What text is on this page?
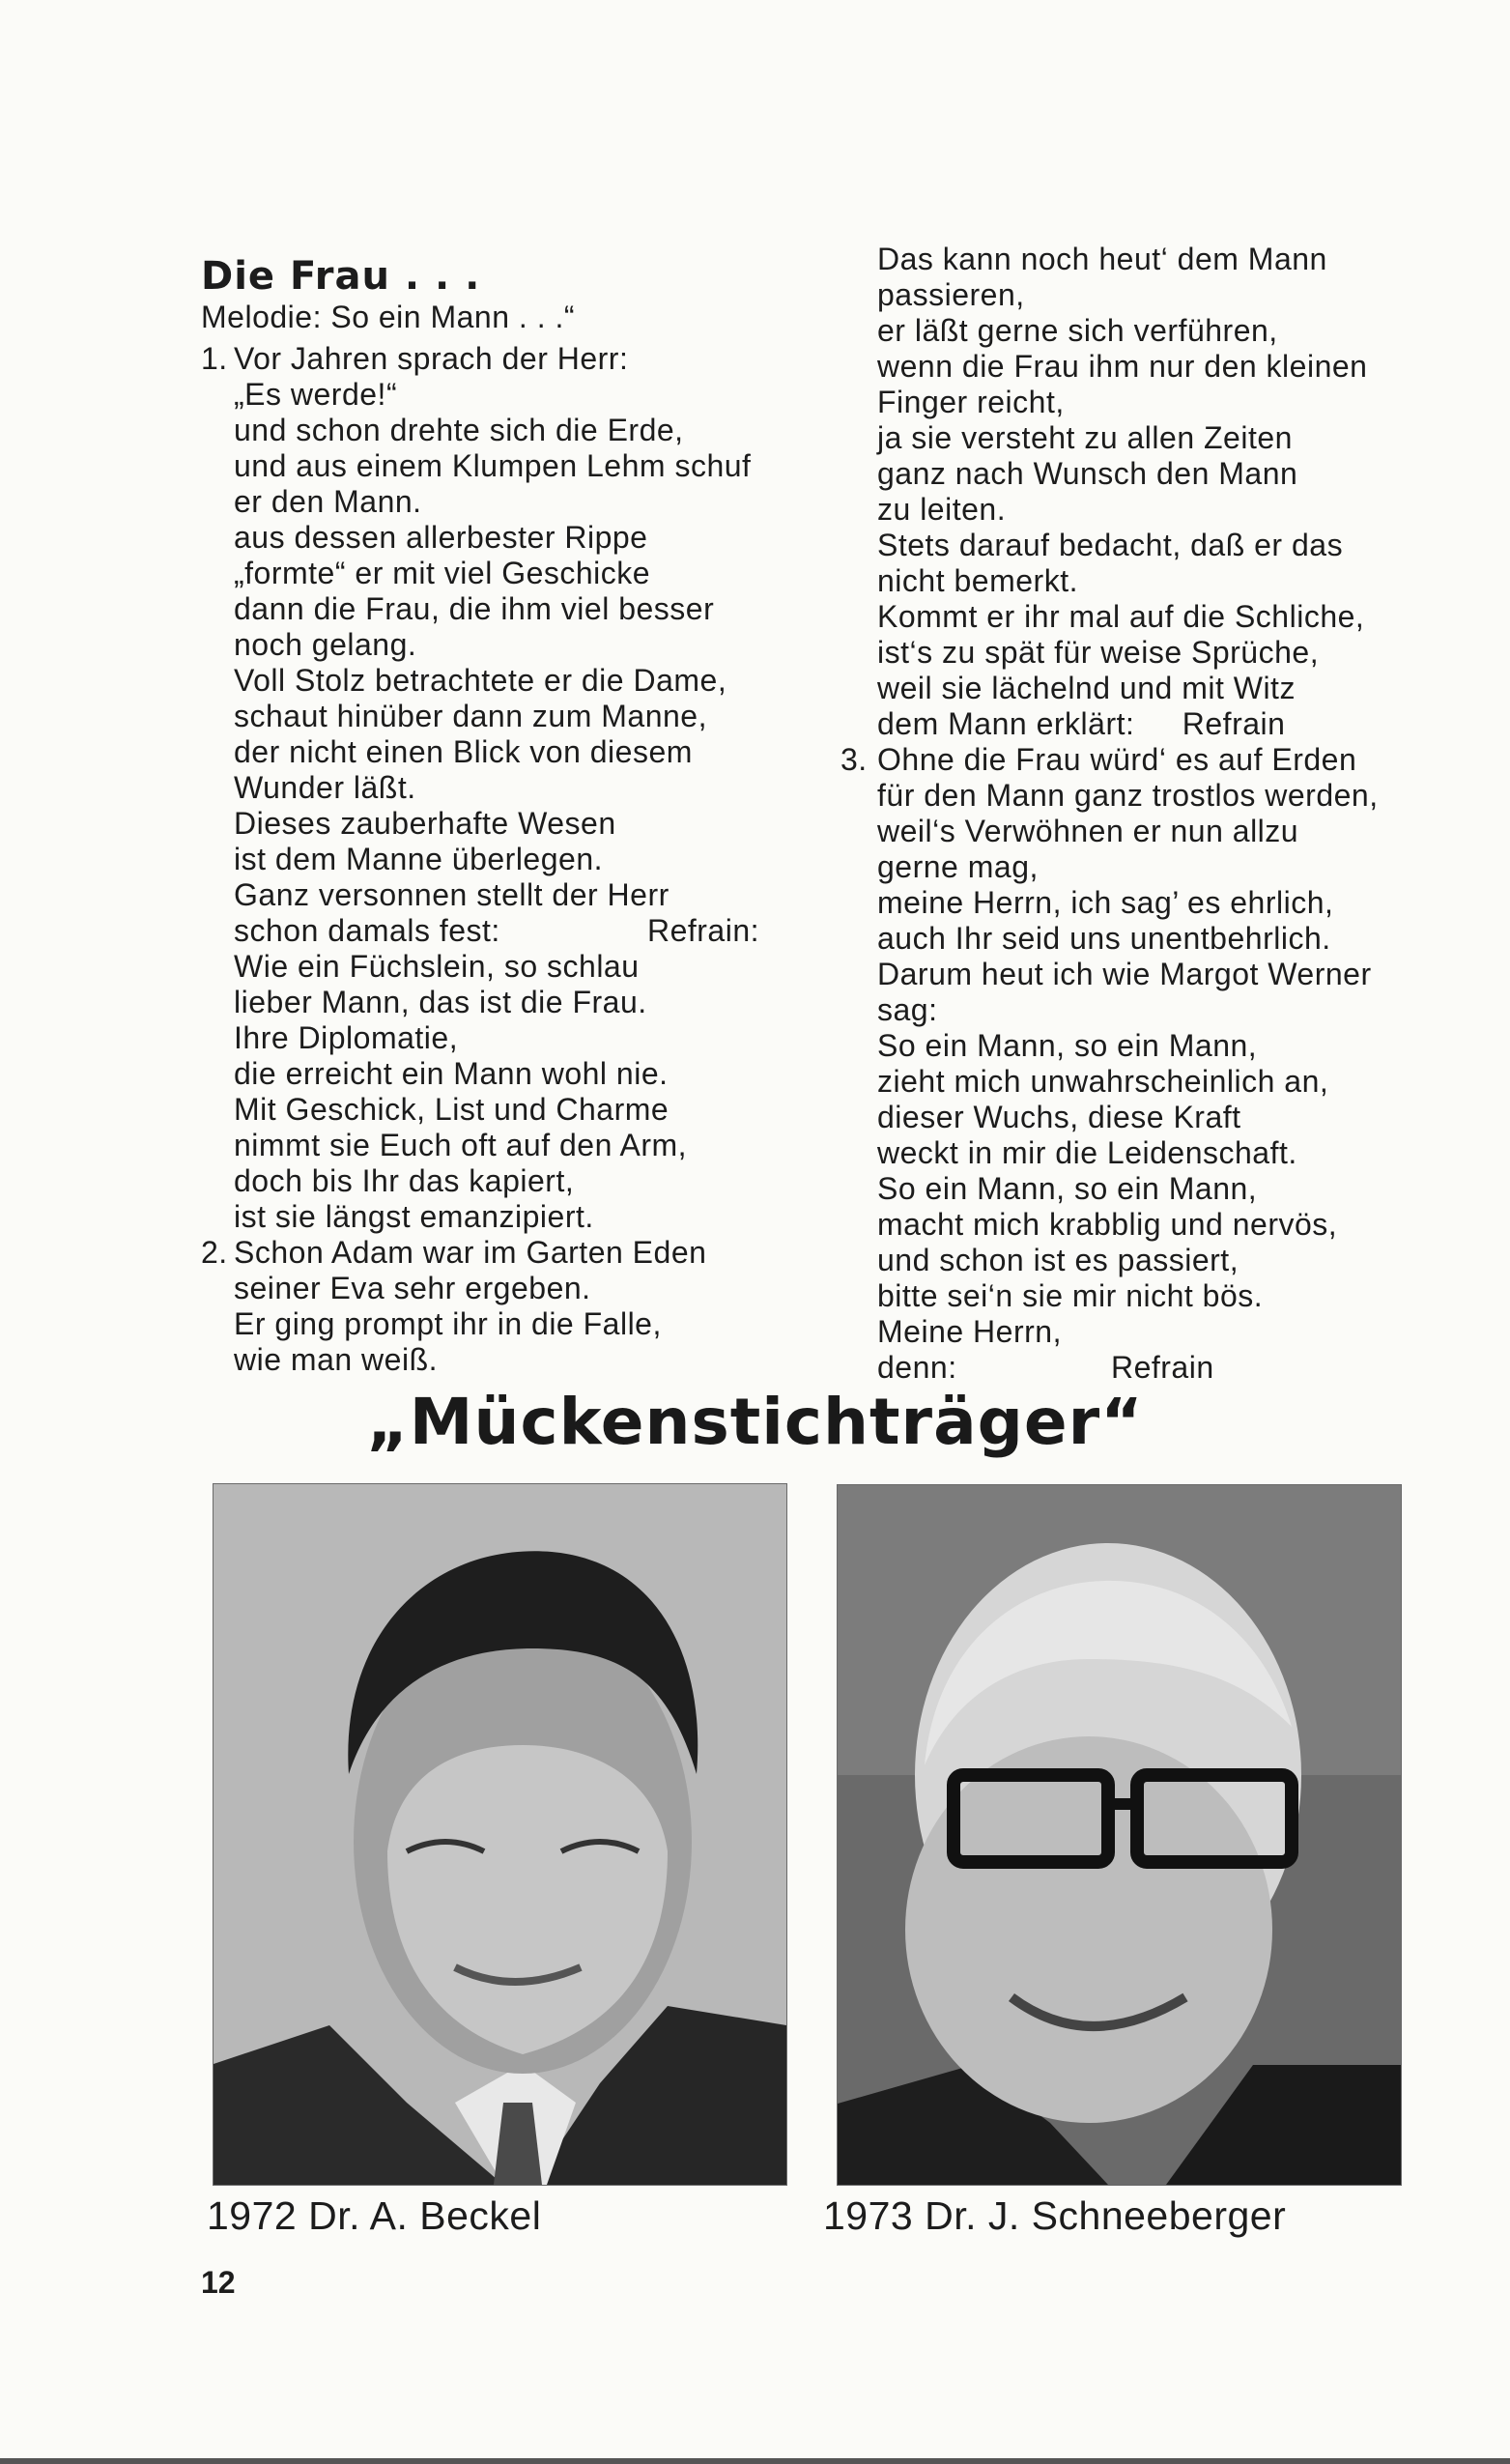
Die Frau . . .
Melodie: So ein Mann . . .“
1. Vor Jahren sprach der Herr:
„Es werde!“
und schon drehte sich die Erde,
und aus einem Klumpen Lehm schuf
er den Mann.
aus dessen allerbester Rippe
„formte“ er mit viel Geschicke
dann die Frau, die ihm viel besser
noch gelang.
Voll Stolz betrachtete er die Dame,
schaut hinüber dann zum Manne,
der nicht einen Blick von diesem
Wunder läßt.
Dieses zauberhafte Wesen
ist dem Manne überlegen.
Ganz versonnen stellt der Herr
schon damals fest:	Refrain:
Wie ein Füchslein, so schlau
lieber Mann, das ist die Frau.
Ihre Diplomatie,
die erreicht ein Mann wohl nie.
Mit Geschick, List und Charme
nimmt sie Euch oft auf den Arm,
doch bis Ihr das kapiert,
ist sie längst emanzipiert.
2. Schon Adam war im Garten Eden
seiner Eva sehr ergeben.
Er ging prompt ihr in die Falle,
wie man weiß.
Das kann noch heut‘ dem Mann
passieren,
er läßt gerne sich verführen,
wenn die Frau ihm nur den kleinen
Finger reicht,
ja sie versteht zu allen Zeiten
ganz nach Wunsch den Mann
zu leiten.
Stets darauf bedacht, daß er das
nicht bemerkt.
Kommt er ihr mal auf die Schliche,
ist‘s zu spät für weise Sprüche,
weil sie lächelnd und mit Witz
dem Mann erklärt: Refrain
3. Ohne die Frau würd‘ es auf Erden
für den Mann ganz trostlos werden,
weil‘s Verwöhnen er nun allzu
gerne mag,
meine Herrn, ich sag’ es ehrlich,
auch Ihr seid uns unentbehrlich.
Darum heut ich wie Margot Werner
sag:
So ein Mann, so ein Mann,
zieht mich unwahrscheinlich an,
dieser Wuchs, diese Kraft
weckt in mir die Leidenschaft.
So ein Mann, so ein Mann,
macht mich krabblig und nervös,
und schon ist es passiert,
bitte sei‘n sie mir nicht bös.
Meine Herrn,
denn:	Refrain
„Mückenstichträger“
1972 Dr. A. Beckel	1973 Dr. J. Schneeberger
12
